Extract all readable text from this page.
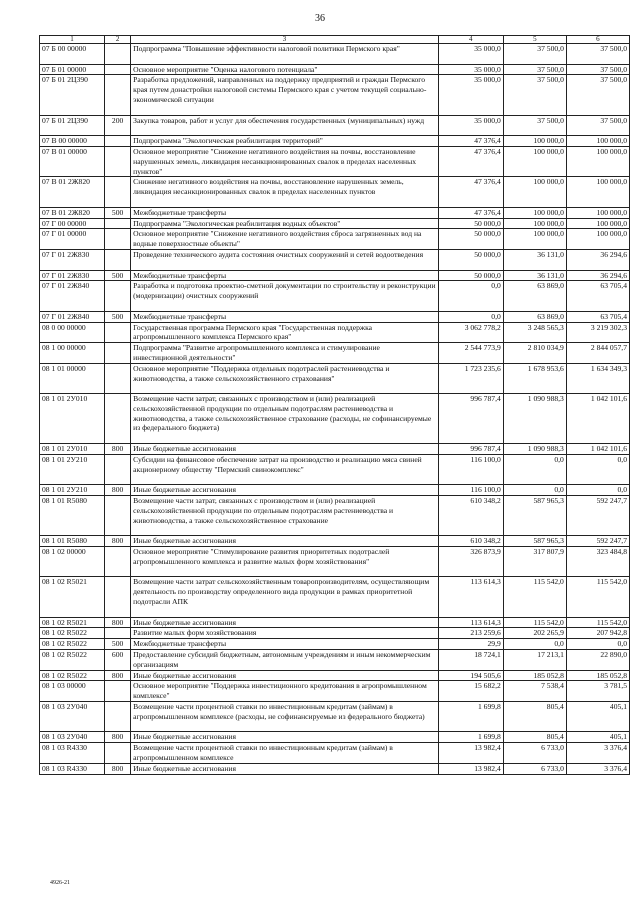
36
1	2	3	4	5	6
07 Б 00 00000		Подпрограмма "Повышение эффективности налоговой политики Пермского края"	35 000,0	37 500,0	37 500,0
07 Б 01 00000		Основное мероприятие "Оценка налогового потенциала"	35 000,0	37 500,0	37 500,0
07 Б 01 2Ц390		Разработка предложений, направленных на поддержку предприятий и граждан Пермского края путем донастройки налоговой системы Пермского края с учетом текущей социально-экономической ситуации	35 000,0	37 500,0	37 500,0
07 Б 01 2Ц390	200	Закупка товаров, работ и услуг для обеспечения государственных (муниципальных) нужд	35 000,0	37 500,0	37 500,0
07 В 00 00000		Подпрограмма "Экологическая реабилитация территорий"	47 376,4	100 000,0	100 000,0
07 В 01 00000		Основное мероприятие "Снижение негативного воздействия на почвы, восстановление нарушенных земель, ликвидация несанкционированных свалок в пределах населенных пунктов"	47 376,4	100 000,0	100 000,0
07 В 01 2Ж820		Снижение негативного воздействия на почвы, восстановление нарушенных земель, ликвидация несанкционированных свалок в пределах населенных пунктов	47 376,4	100 000,0	100 000,0
07 В 01 2Ж820	500	Межбюджетные трансферты	47 376,4	100 000,0	100 000,0
07 Г 00 00000		Подпрограмма "Экологическая реабилитация водных объектов"	50 000,0	100 000,0	100 000,0
07 Г 01 00000		Основное мероприятие "Снижение негативного воздействия сброса загрязненных вод на водные поверхностные объекты"	50 000,0	100 000,0	100 000,0
07 Г 01 2Ж830		Проведение технического аудита состояния очистных сооружений и сетей водоотведения	50 000,0	36 131,0	36 294,6
07 Г 01 2Ж830	500	Межбюджетные трансферты	50 000,0	36 131,0	36 294,6
07 Г 01 2Ж840		Разработка и подготовка проектно-сметной документации по строительству и реконструкции (модернизации) очистных сооружений	0,0	63 869,0	63 705,4
07 Г 01 2Ж840	500	Межбюджетные трансферты	0,0	63 869,0	63 705,4
08 0 00 00000		Государственная программа Пермского края "Государственная поддержка агропромышленного комплекса Пермского края"	3 062 778,2	3 248 565,3	3 219 302,3
08 1 00 00000		Подпрограмма "Развитие агропромышленного комплекса и стимулирование инвестиционной деятельности"	2 544 773,9	2 810 034,9	2 844 057,7
08 1 01 00000		Основное мероприятие "Поддержка отдельных подотраслей растениеводства и животноводства, а также сельскохозяйственного страхования"	1 723 235,6	1 678 953,6	1 634 349,3
08 1 01 2У010		Возмещение части затрат, связанных с производством и (или) реализацией сельскохозяйственной продукции по отдельным подотраслям растениеводства и животноводства, а также сельскохозяйственное страхование (расходы, не софинансируемые из федерального бюджета)	996 787,4	1 090 988,3	1 042 101,6
08 1 01 2У010	800	Иные бюджетные ассигнования	996 787,4	1 090 988,3	1 042 101,6
08 1 01 2У210		Субсидии на финансовое обеспечение затрат на производство и реализацию мяса свиней акционерному обществу "Пермский свинокомплекс"	116 100,0	0,0	0,0
08 1 01 2У210	800	Иные бюджетные ассигнования	116 100,0	0,0	0,0
08 1 01 R5080		Возмещение части затрат, связанных с производством и (или) реализацией сельскохозяйственной продукции по отдельным подотраслям растениеводства и животноводства, а также сельскохозяйственное страхование	610 348,2	587 965,3	592 247,7
08 1 01 R5080	800	Иные бюджетные ассигнования	610 348,2	587 965,3	592 247,7
08 1 02 00000		Основное мероприятие "Стимулирование развития приоритетных подотраслей агропромышленного комплекса и развитие малых форм хозяйствования"	326 873,9	317 807,9	323 484,8
08 1 02 R5021		Возмещение части затрат сельскохозяйственным товаропроизводителям, осуществляющим деятельность по производству определенного вида продукции в рамках приоритетной подотрасли АПК	113 614,3	115 542,0	115 542,0
08 1 02 R5021	800	Иные бюджетные ассигнования	113 614,3	115 542,0	115 542,0
08 1 02 R5022		Развитие малых форм хозяйствования	213 259,6	202 265,9	207 942,8
08 1 02 R5022	500	Межбюджетные трансферты	29,9	0,0	0,0
08 1 02 R5022	600	Предоставление субсидий бюджетным, автономным учреждениям и иным некоммерческим организациям	18 724,1	17 213,1	22 890,0
08 1 02 R5022	800	Иные бюджетные ассигнования	194 505,6	185 052,8	185 052,8
08 1 03 00000		Основное мероприятие "Поддержка инвестиционного кредитования в агропромышленном комплексе"	15 682,2	7 538,4	3 781,5
08 1 03 2У040		Возмещение части процентной ставки по инвестиционным кредитам (займам) в агропромышленном комплексе (расходы, не софинансируемые из федерального бюджета)	1 699,8	805,4	405,1
08 1 03 2У040	800	Иные бюджетные ассигнования	1 699,8	805,4	405,1
08 1 03 R4330		Возмещение части процентной ставки по инвестиционным кредитам (займам) в агропромышленном комплексе	13 982,4	6 733,0	3 376,4
08 1 03 R4330	800	Иные бюджетные ассигнования	13 982,4	6 733,0	3 376,4
4926-21
